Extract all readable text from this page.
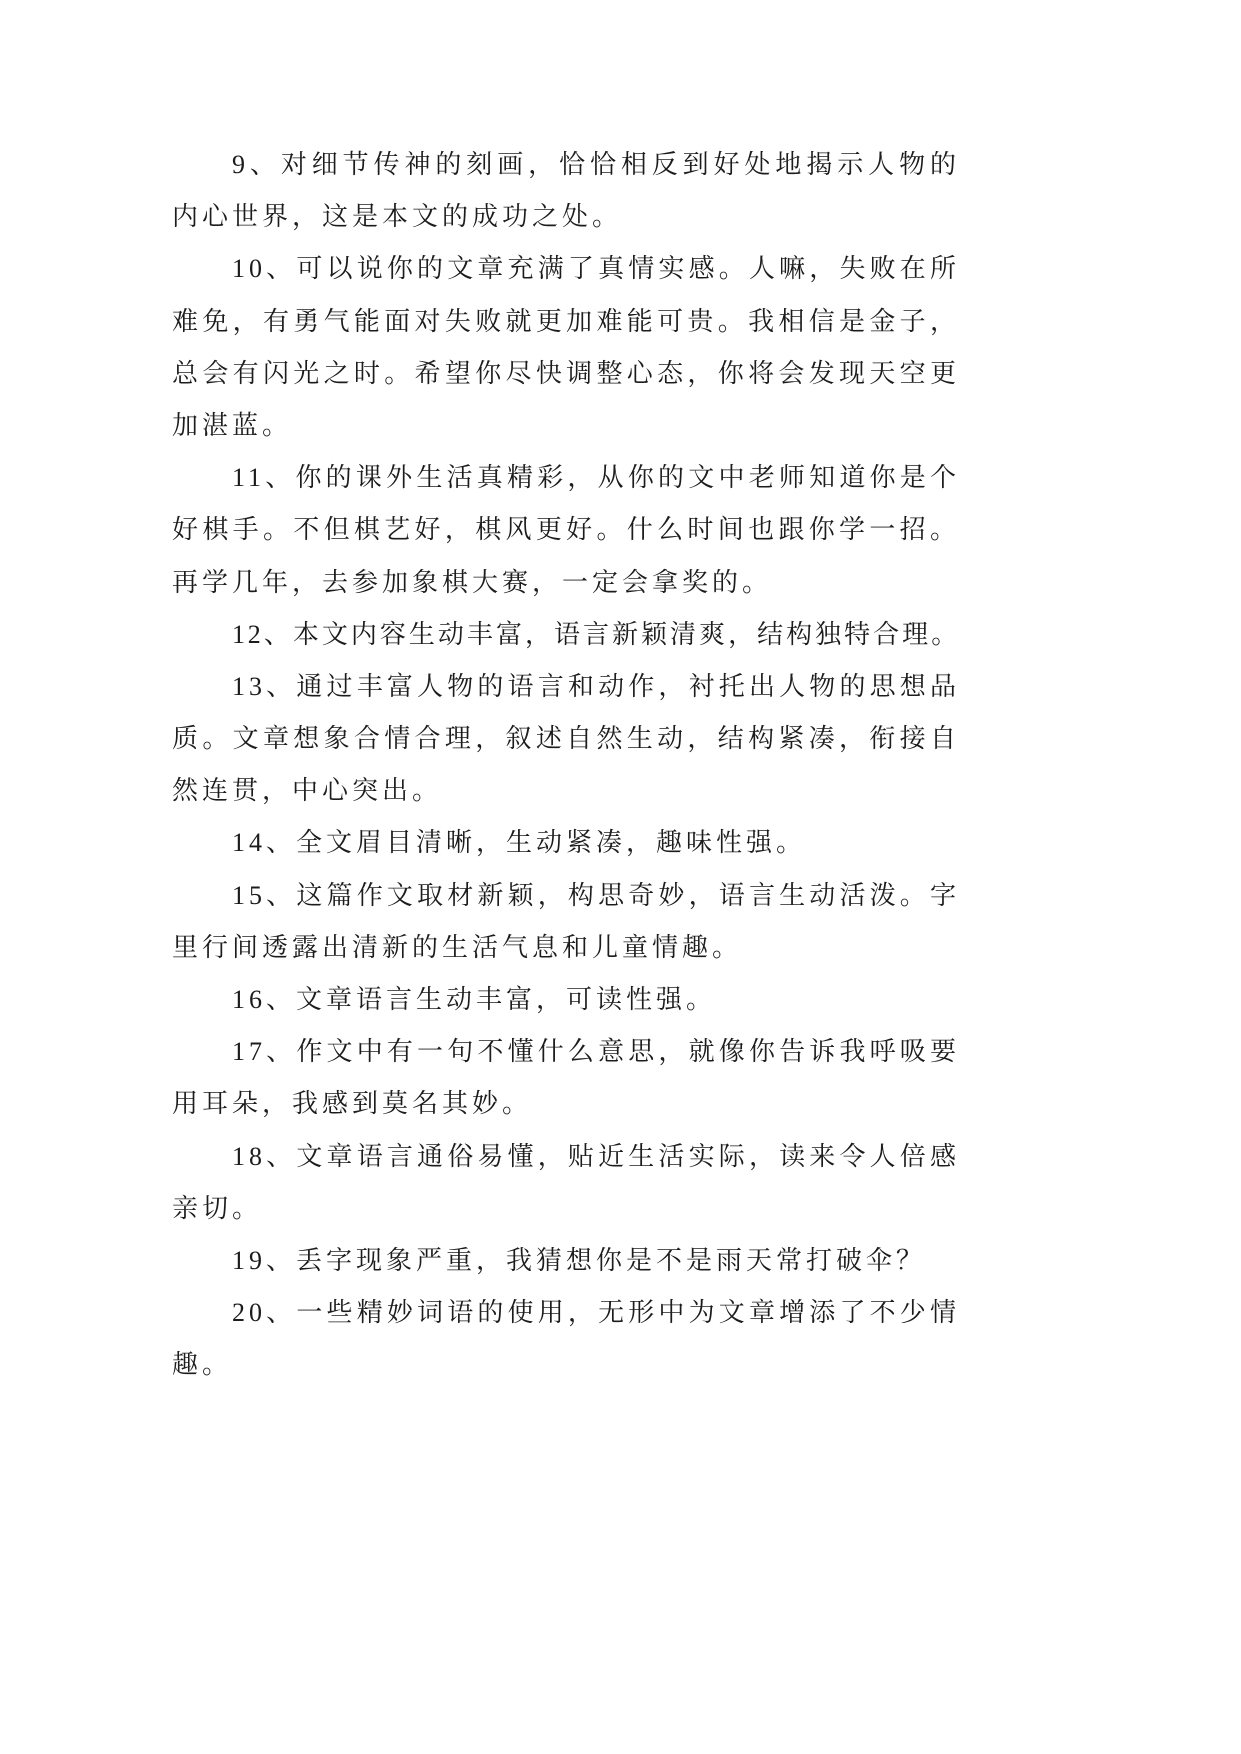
9、对细节传神的刻画，恰恰相反到好处地揭示人物的
内心世界，这是本文的成功之处。
10、可以说你的文章充满了真情实感。人嘛，失败在所
难免，有勇气能面对失败就更加难能可贵。我相信是金子，
总会有闪光之时。希望你尽快调整心态，你将会发现天空更
加湛蓝。
11、你的课外生活真精彩，从你的文中老师知道你是个
好棋手。不但棋艺好，棋风更好。什么时间也跟你学一招。
再学几年，去参加象棋大赛，一定会拿奖的。
12、本文内容生动丰富，语言新颖清爽，结构独特合理。
13、通过丰富人物的语言和动作，衬托出人物的思想品
质。文章想象合情合理，叙述自然生动，结构紧凑，衔接自
然连贯，中心突出。
14、全文眉目清晰，生动紧凑，趣味性强。
15、这篇作文取材新颖，构思奇妙，语言生动活泼。字
里行间透露出清新的生活气息和儿童情趣。
16、文章语言生动丰富，可读性强。
17、作文中有一句不懂什么意思，就像你告诉我呼吸要
用耳朵，我感到莫名其妙。
18、文章语言通俗易懂，贴近生活实际，读来令人倍感
亲切。
19、丢字现象严重，我猜想你是不是雨天常打破伞？
20、一些精妙词语的使用，无形中为文章增添了不少情
趣。
